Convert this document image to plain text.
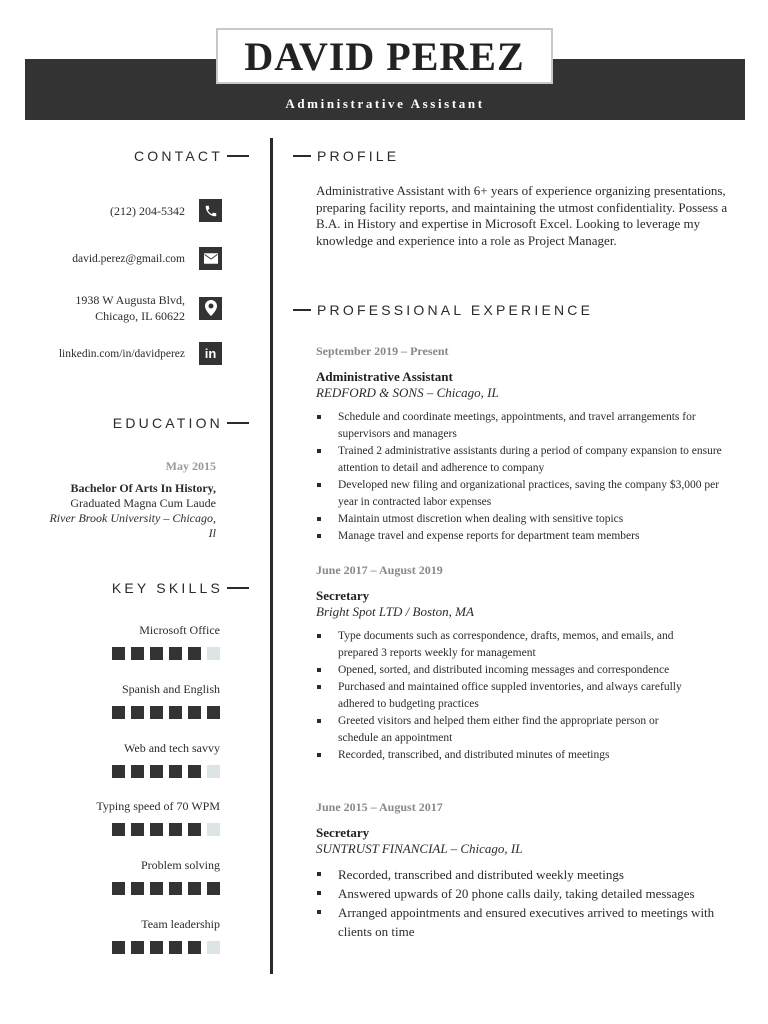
DAVID PEREZ
Administrative Assistant
CONTACT
(212) 204-5342
david.perez@gmail.com
1938 W Augusta Blvd,
Chicago, IL 60622
linkedin.com/in/davidperez in
EDUCATION
May 2015
Bachelor Of Arts In History,
Graduated Magna Cum Laude
River Brook University – Chicago,
Il
KEY SKILLS
Microsoft Office
Spanish and English
Web and tech savvy
Typing speed of 70 WPM
Problem solving
Team leadership
PROFILE
Administrative Assistant with 6+ years of experience organizing presentations, preparing facility reports, and maintaining the utmost confidentiality. Possess a B.A. in History and expertise in Microsoft Excel. Looking to leverage my knowledge and experience into a role as Project Manager.
PROFESSIONAL EXPERIENCE
September 2019 – Present
Administrative Assistant
REDFORD & SONS – Chicago, IL
Schedule and coordinate meetings, appointments, and travel arrangements for supervisors and managers
Trained 2 administrative assistants during a period of company expansion to ensure attention to detail and adherence to company
Developed new filing and organizational practices, saving the company $3,000 per year in contracted labor expenses
Maintain utmost discretion when dealing with sensitive topics
Manage travel and expense reports for department team members
June 2017 – August 2019
Secretary
Bright Spot LTD / Boston, MA
Type documents such as correspondence, drafts, memos, and emails, and prepared 3 reports weekly for management
Opened, sorted, and distributed incoming messages and correspondence
Purchased and maintained office suppled inventories, and always carefully adhered to budgeting practices
Greeted visitors and helped them either find the appropriate person or schedule an appointment
Recorded, transcribed, and distributed minutes of meetings
June 2015 – August 2017
Secretary
SUNTRUST FINANCIAL – Chicago, IL
Recorded, transcribed and distributed weekly meetings
Answered upwards of 20 phone calls daily, taking detailed messages
Arranged appointments and ensured executives arrived to meetings with clients on time
